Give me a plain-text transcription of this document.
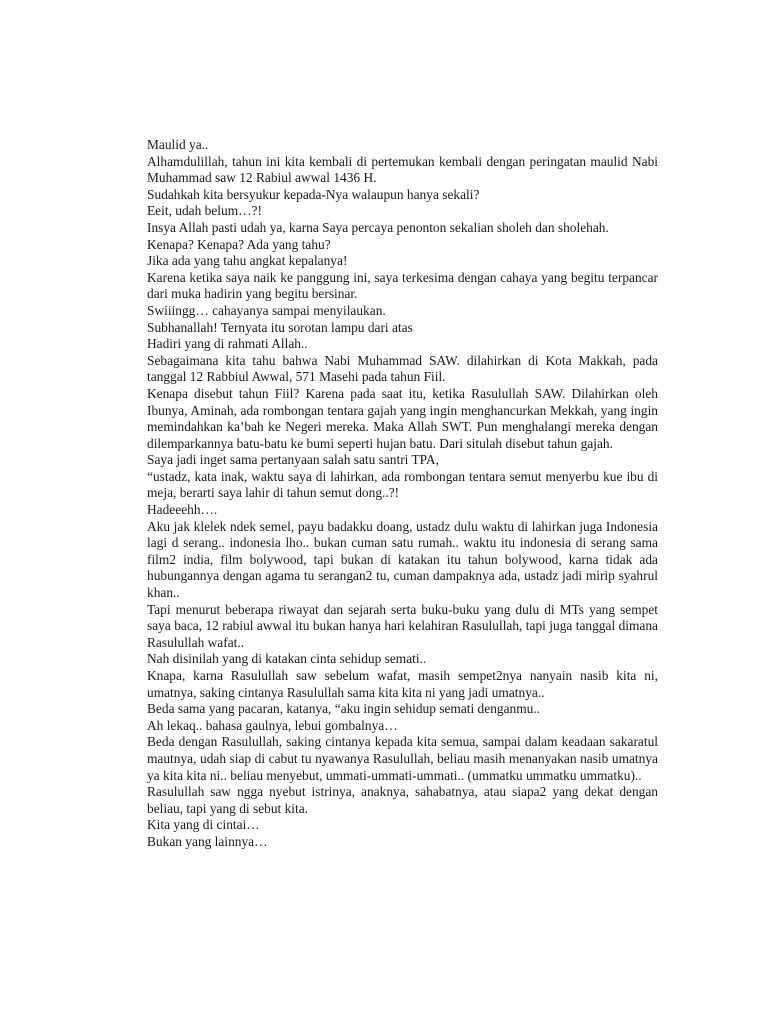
Maulid ya..

Alhamdulillah, tahun ini kita kembali di pertemukan kembali dengan peringatan maulid Nabi Muhammad saw 12 Rabiul awwal 1436 H.

Sudahkah kita bersyukur kepada-Nya walaupun hanya sekali?

Eeit, udah belum…?!

Insya Allah pasti udah ya, karna Saya percaya penonton sekalian sholeh dan sholehah.

Kenapa? Kenapa? Ada yang tahu?

Jika ada yang tahu angkat kepalanya!

Karena ketika saya naik ke panggung ini, saya terkesima dengan cahaya yang begitu terpancar dari muka hadirin yang begitu bersinar.

Swiiingg… cahayanya sampai menyilaukan.

Subhanallah! Ternyata itu sorotan lampu dari atas

Hadiri yang di rahmati Allah..

Sebagaimana kita tahu bahwa Nabi Muhammad SAW. dilahirkan di Kota Makkah, pada tanggal 12 Rabbiul Awwal, 571 Masehi pada tahun Fiil.

Kenapa disebut tahun Fiil? Karena pada saat itu, ketika Rasulullah SAW. Dilahirkan oleh Ibunya, Aminah, ada rombongan tentara gajah yang ingin menghancurkan Mekkah, yang ingin memindahkan ka’bah ke Negeri mereka. Maka Allah SWT. Pun menghalangi mereka dengan dilemparkannya batu-batu ke bumi seperti hujan batu. Dari situlah disebut tahun gajah.

Saya jadi inget sama pertanyaan salah satu santri TPA,

“ustadz, kata inak, waktu saya di lahirkan, ada rombongan tentara semut menyerbu kue ibu di meja, berarti saya lahir di tahun semut dong..?!

Hadeeehh….

Aku jak klelek ndek semel, payu badakku doang, ustadz dulu waktu di lahirkan juga Indonesia lagi d serang.. indonesia lho.. bukan cuman satu rumah.. waktu itu indonesia di serang sama film2 india, film bolywood, tapi bukan di katakan itu tahun bolywood, karna tidak ada hubungannya dengan agama tu serangan2 tu, cuman dampaknya ada, ustadz jadi mirip syahrul khan..

Tapi menurut beberapa riwayat dan sejarah serta buku-buku yang dulu di MTs yang sempet saya baca, 12 rabiul awwal itu bukan hanya hari kelahiran Rasulullah, tapi juga tanggal dimana Rasulullah wafat..

Nah disinilah yang di katakan cinta sehidup semati..

Knapa, karna Rasulullah saw sebelum wafat, masih sempet2nya nanyain nasib kita ni, umatnya, saking cintanya Rasulullah sama kita kita ni yang jadi umatnya..

Beda sama yang pacaran, katanya, “aku ingin sehidup semati denganmu..

Ah lekaq.. bahasa gaulnya, lebui gombalnya…

Beda dengan Rasulullah, saking cintanya kepada kita semua, sampai dalam keadaan sakaratul mautnya, udah siap di cabut tu nyawanya Rasulullah, beliau masih menanyakan nasib umatnya ya kita kita ni.. beliau menyebut, ummati-ummati-ummati.. (ummatku ummatku ummatku)..

Rasulullah saw ngga nyebut istrinya, anaknya, sahabatnya, atau siapa2 yang dekat dengan beliau, tapi yang di sebut kita.

Kita yang di cintai…

Bukan yang lainnya…
